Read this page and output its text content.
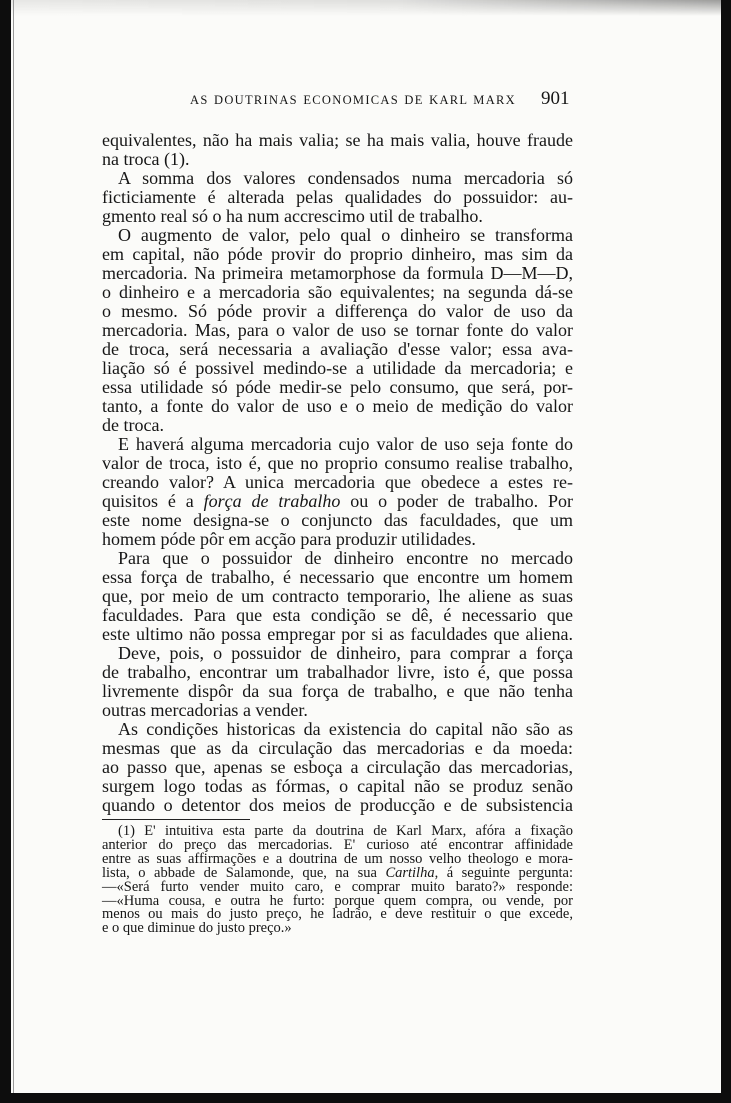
AS DOUTRINAS ECONOMICAS DE KARL MARX 901
equivalentes, não ha mais valia; se ha mais valia, houve fraude
na troca (1).
A somma dos valores condensados numa mercadoria só
ficticiamente é alterada pelas qualidades do possuidor: au-
gmento real só o ha num accrescimo util de trabalho.
O augmento de valor, pelo qual o dinheiro se transforma
em capital, não póde provir do proprio dinheiro, mas sim da
mercadoria. Na primeira metamorphose da formula D—M—D,
o dinheiro e a mercadoria são equivalentes; na segunda dá-se
o mesmo. Só póde provir a differença do valor de uso da
mercadoria. Mas, para o valor de uso se tornar fonte do valor
de troca, será necessaria a avaliação d'esse valor; essa ava-
liação só é possivel medindo-se a utilidade da mercadoria; e
essa utilidade só póde medir-se pelo consumo, que será, por-
tanto, a fonte do valor de uso e o meio de medição do valor
de troca.
E haverá alguma mercadoria cujo valor de uso seja fonte do
valor de troca, isto é, que no proprio consumo realise trabalho,
creando valor? A unica mercadoria que obedece a estes re-
quisitos é a força de trabalho ou o poder de trabalho. Por
este nome designa-se o conjuncto das faculdades, que um
homem póde pôr em acção para produzir utilidades.
Para que o possuidor de dinheiro encontre no mercado
essa força de trabalho, é necessario que encontre um homem
que, por meio de um contracto temporario, lhe aliene as suas
faculdades. Para que esta condição se dê, é necessario que
este ultimo não possa empregar por si as faculdades que aliena.
Deve, pois, o possuidor de dinheiro, para comprar a força
de trabalho, encontrar um trabalhador livre, isto é, que possa
livremente dispôr da sua força de trabalho, e que não tenha
outras mercadorias a vender.
As condições historicas da existencia do capital não são as
mesmas que as da circulação das mercadorias e da moeda:
ao passo que, apenas se esboça a circulação das mercadorias,
surgem logo todas as fórmas, o capital não se produz senão
quando o detentor dos meios de producção e de subsistencia
(1) E' intuitiva esta parte da doutrina de Karl Marx, afóra a fixação
anterior do preço das mercadorias. E' curioso até encontrar affinidade
entre as suas affirmações e a doutrina de um nosso velho theologo e mora-
lista, o abbade de Salamonde, que, na sua Cartilha, á seguinte pergunta:
—«Será furto vender muito caro, e comprar muito barato?» responde:
—«Huma cousa, e outra he furto: porque quem compra, ou vende, por
menos ou mais do justo preço, he ladrão, e deve restituir o que excede,
e o que diminue do justo preço.»
